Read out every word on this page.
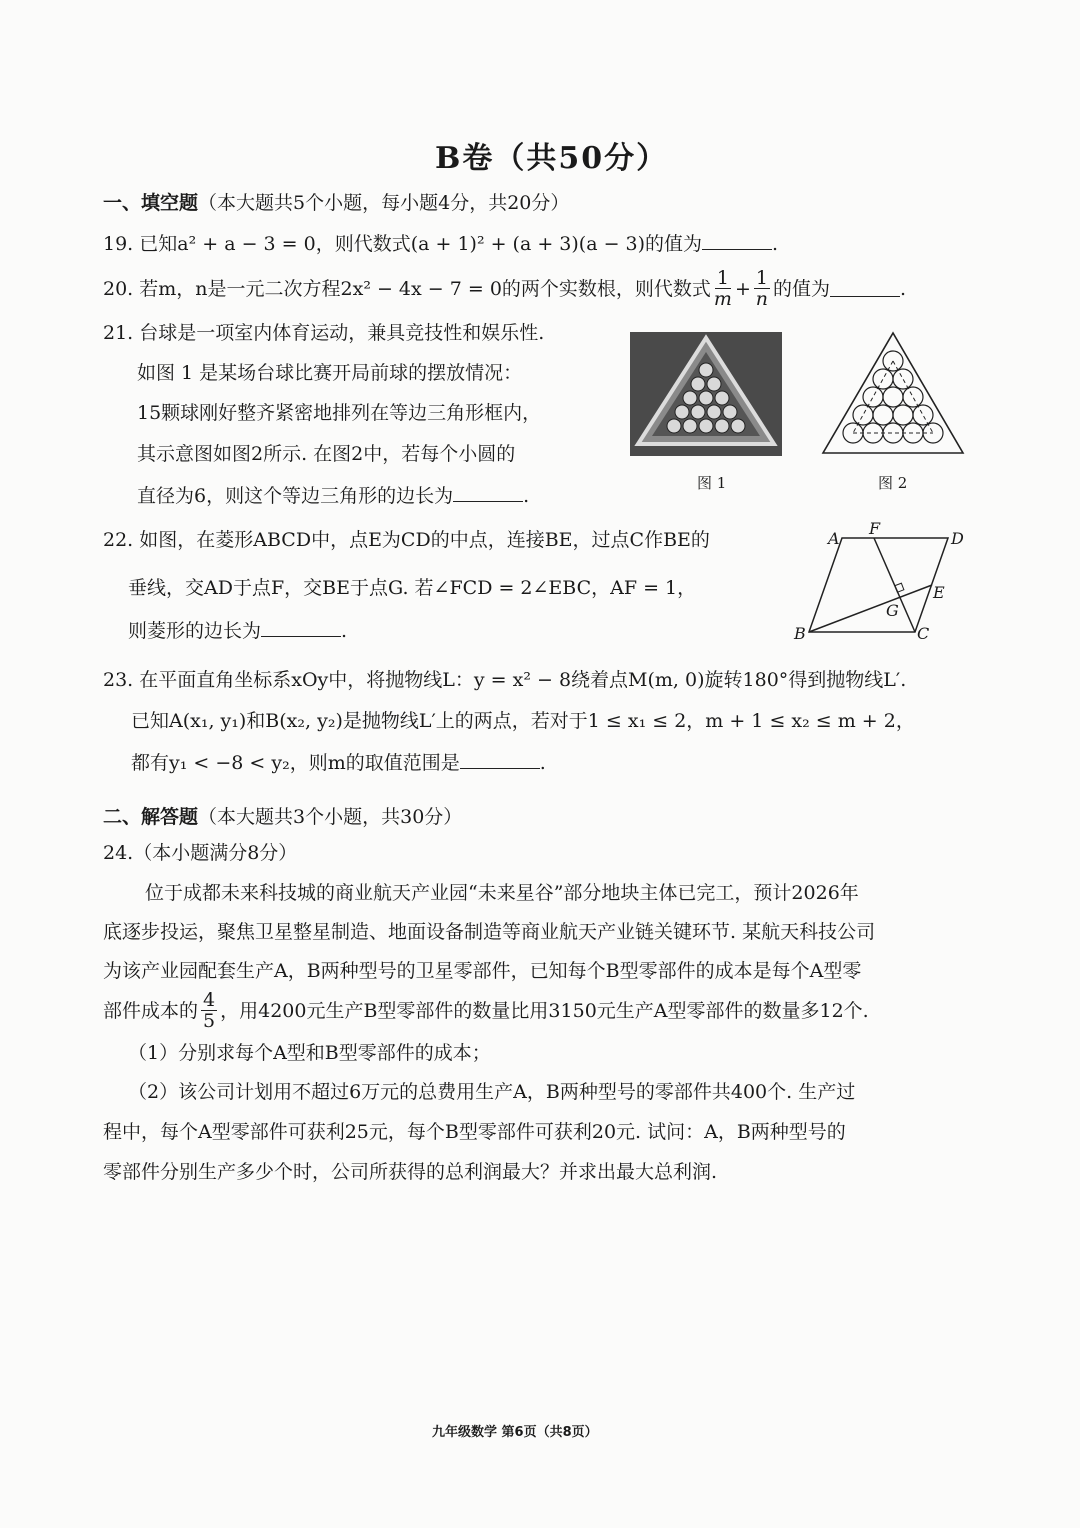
B卷（共50分）
一、填空题（本大题共5个小题，每小题4分，共20分）
19. 已知a² + a − 3 = 0，则代数式(a + 1)² + (a + 3)(a − 3)的值为	.
20. 若m，n是一元二次方程2x² − 4x − 7 = 0的两个实数根，则代数式 $\frac{1}{m} + \frac{1}{n}$ 的值为	.
21. 台球是一项室内体育运动，兼具竞技性和娱乐性.
如图 1 是某场台球比赛开局前球的摆放情况：
15颗球刚好整齐紧密地排列在等边三角形框内，
其示意图如图2所示. 在图2中，若每个小圆的
直径为6，则这个等边三角形的边长为	.
图 1	图 2
22. 如图，在菱形ABCD中，点E为CD的中点，连接BE，过点C作BE的
垂线，交AD于点F，交BE于点G. 若∠FCD = 2∠EBC，AF = 1，
则菱形的边长为	.
A
F
D
E
G
B	C
23. 在平面直角坐标系xOy中，将抛物线L：y = x² − 8绕着点M(m, 0)旋转180°得到抛物线L′.
已知A(x₁, y₁)和B(x₂, y₂)是抛物线L′上的两点，若对于1 ≤ x₁ ≤ 2，m + 1 ≤ x₂ ≤ m + 2，
都有y₁ < −8 < y₂，则m的取值范围是	.
二、解答题（本大题共3个小题，共30分）
24.（本小题满分8分）
位于成都未来科技城的商业航天产业园“未来星谷”部分地块主体已完工，预计2026年
底逐步投运，聚焦卫星整星制造、地面设备制造等商业航天产业链关键环节. 某航天科技公司
为该产业园配套生产A，B两种型号的卫星零部件，已知每个B型零部件的成本是每个A型零
部件成本的 $\frac{4}{5}$ ，用4200元生产B型零部件的数量比用3150元生产A型零部件的数量多12个.
（1）分别求每个A型和B型零部件的成本；
（2）该公司计划用不超过6万元的总费用生产A，B两种型号的零部件共400个. 生产过
程中，每个A型零部件可获利25元，每个B型零部件可获利20元. 试问：A，B两种型号的
零部件分别生产多少个时，公司所获得的总利润最大？并求出最大总利润.
九年级数学 第6页（共8页）
